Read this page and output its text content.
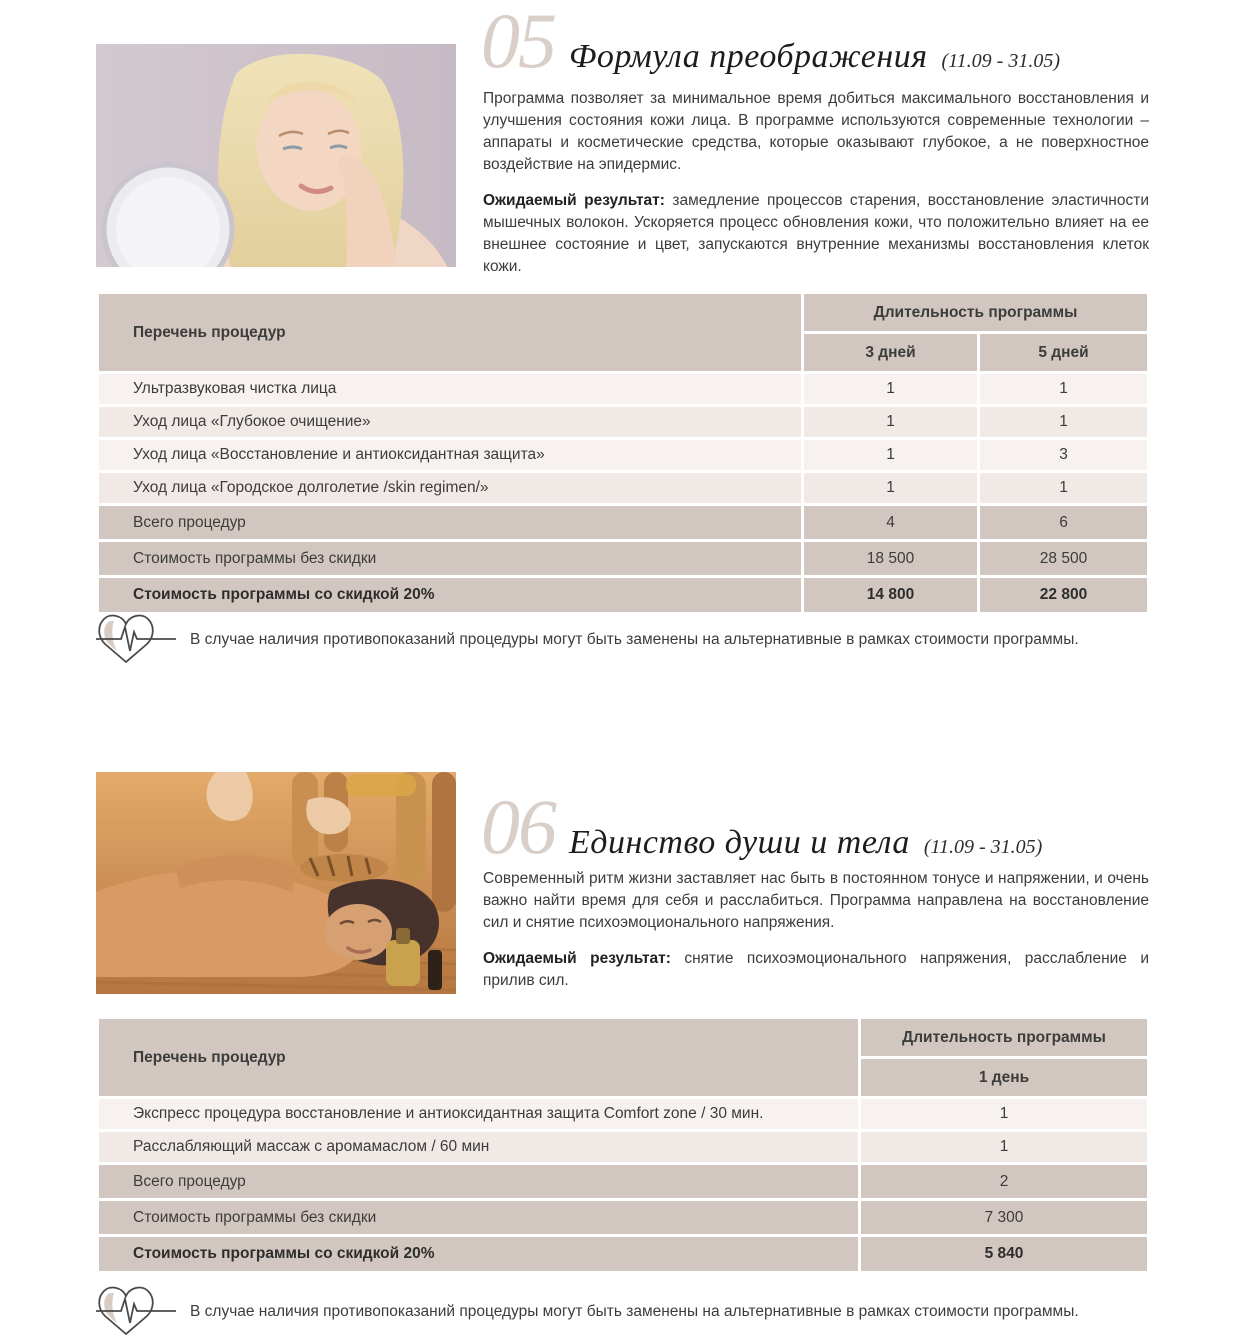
05 Формула преображения (11.09 - 31.05)

Программа позволяет за минимальное время добиться максимального восстановления и улучшения состояния кожи лица. В программе используются современные технологии – аппараты и косметические средства, которые оказывают глубокое, а не поверхностное воздействие на эпидермис.

Ожидаемый результат: замедление процессов старения, восстановление эластичности мышечных волокон. Ускоряется процесс обновления кожи, что положительно влияет на ее внешнее состояние и цвет, запускаются внутренние механизмы восстановления клеток кожи.

Перечень процедур	Длительность программы	
	3 дней	5 дней
Ультразвуковая чистка лица	1	1
Уход лица «Глубокое очищение»	1	1
Уход лица «Восстановление и антиоксидантная защита»	1	3
Уход лица «Городское долголетие /skin regimen/»	1	1
Всего процедур	4	6
Стоимость программы без скидки	18 500	28 500
Стоимость программы со скидкой 20%	14 800	22 800
В случае наличия противопоказаний процедуры могут быть заменены на альтернативные в рамках стоимости программы.
06 Единство души и тела (11.09 - 31.05)

Современный ритм жизни заставляет нас быть в постоянном тонусе и напряжении, и очень важно найти время для себя и расслабиться. Программа направлена на восстановление сил и снятие психоэмоционального напряжения.

Ожидаемый результат: снятие психоэмоционального напряжения, расслабление и прилив сил.

Перечень процедур	Длительность программы
	1 день
Экспресс процедура восстановление и антиоксидантная защита Comfort zone / 30 мин.	1
Расслабляющий массаж с аромамаслом / 60 мин	1
Всего процедур	2
Стоимость программы без скидки	7 300
Стоимость программы со скидкой 20%	5 840
В случае наличия противопоказаний процедуры могут быть заменены на альтернативные в рамках стоимости программы.
